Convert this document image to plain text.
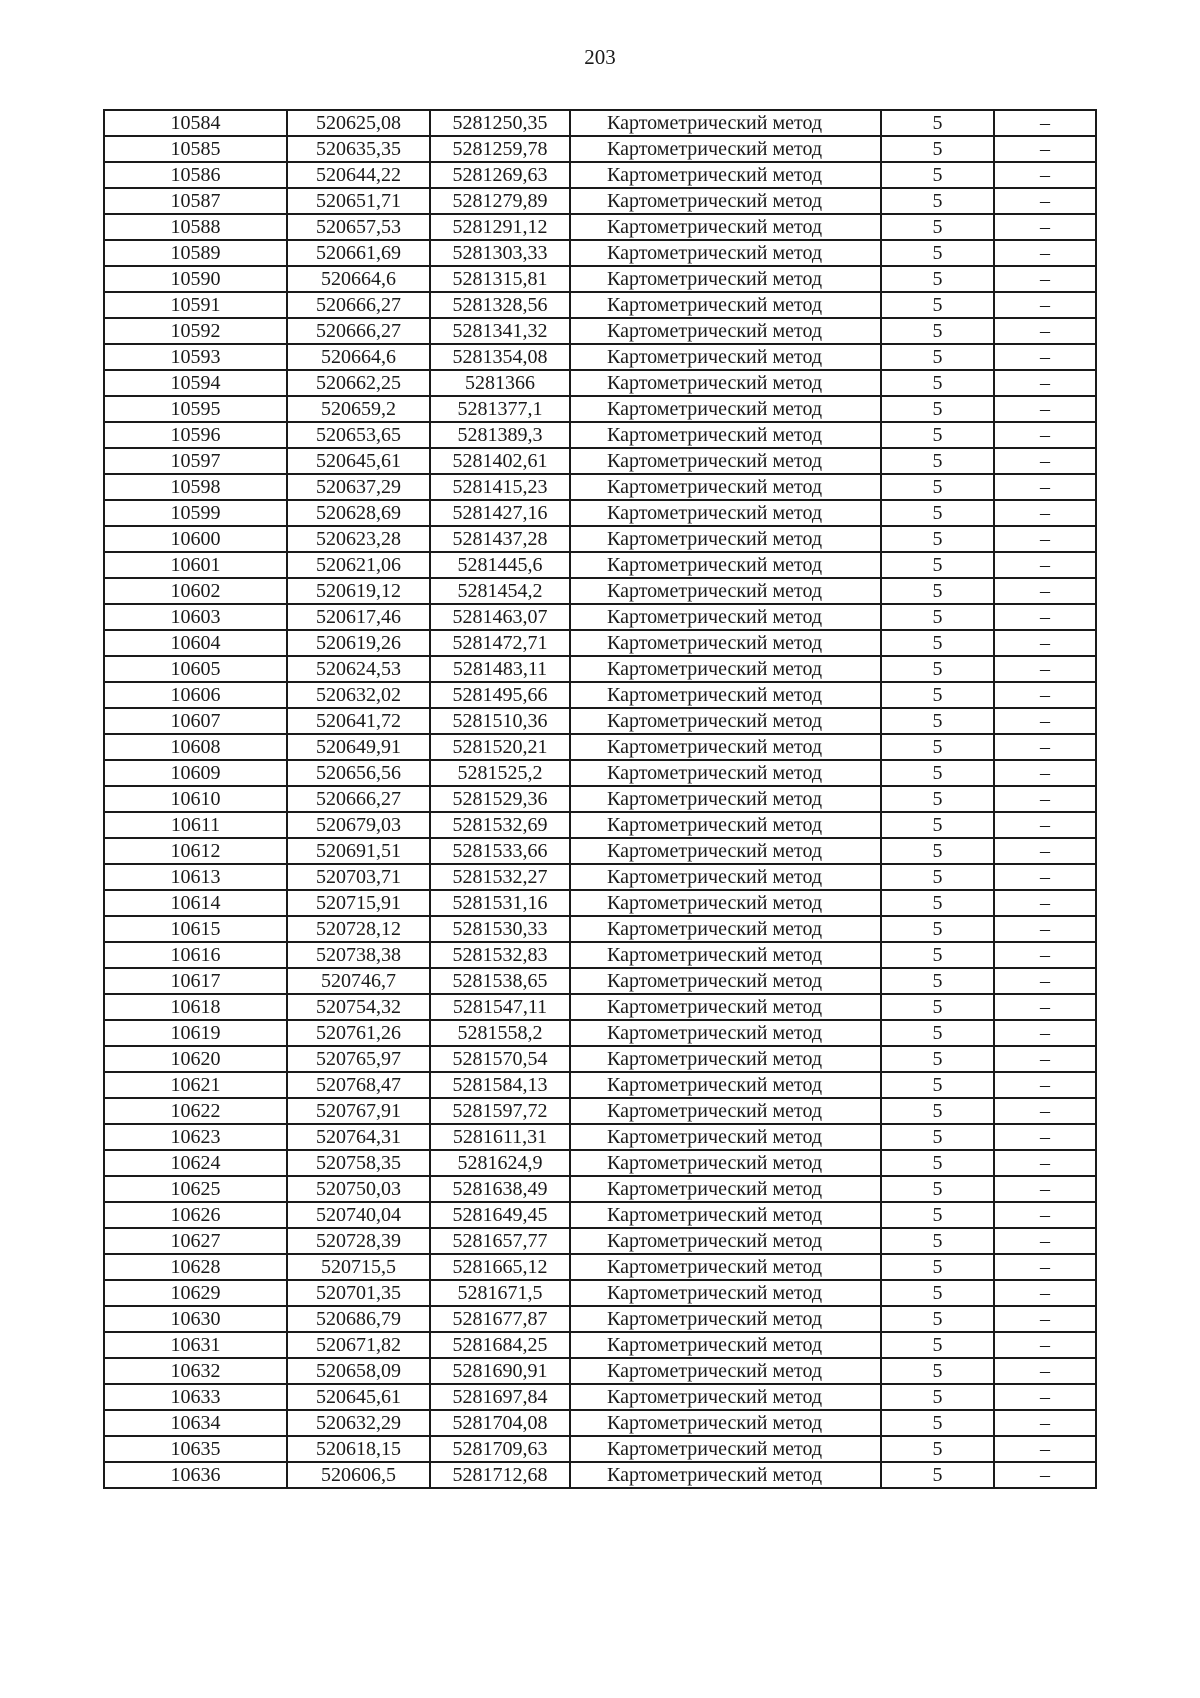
203
10584	520625,08	5281250,35	Картометрический метод	5	–
10585	520635,35	5281259,78	Картометрический метод	5	–
10586	520644,22	5281269,63	Картометрический метод	5	–
10587	520651,71	5281279,89	Картометрический метод	5	–
10588	520657,53	5281291,12	Картометрический метод	5	–
10589	520661,69	5281303,33	Картометрический метод	5	–
10590	520664,6	5281315,81	Картометрический метод	5	–
10591	520666,27	5281328,56	Картометрический метод	5	–
10592	520666,27	5281341,32	Картометрический метод	5	–
10593	520664,6	5281354,08	Картометрический метод	5	–
10594	520662,25	5281366	Картометрический метод	5	–
10595	520659,2	5281377,1	Картометрический метод	5	–
10596	520653,65	5281389,3	Картометрический метод	5	–
10597	520645,61	5281402,61	Картометрический метод	5	–
10598	520637,29	5281415,23	Картометрический метод	5	–
10599	520628,69	5281427,16	Картометрический метод	5	–
10600	520623,28	5281437,28	Картометрический метод	5	–
10601	520621,06	5281445,6	Картометрический метод	5	–
10602	520619,12	5281454,2	Картометрический метод	5	–
10603	520617,46	5281463,07	Картометрический метод	5	–
10604	520619,26	5281472,71	Картометрический метод	5	–
10605	520624,53	5281483,11	Картометрический метод	5	–
10606	520632,02	5281495,66	Картометрический метод	5	–
10607	520641,72	5281510,36	Картометрический метод	5	–
10608	520649,91	5281520,21	Картометрический метод	5	–
10609	520656,56	5281525,2	Картометрический метод	5	–
10610	520666,27	5281529,36	Картометрический метод	5	–
10611	520679,03	5281532,69	Картометрический метод	5	–
10612	520691,51	5281533,66	Картометрический метод	5	–
10613	520703,71	5281532,27	Картометрический метод	5	–
10614	520715,91	5281531,16	Картометрический метод	5	–
10615	520728,12	5281530,33	Картометрический метод	5	–
10616	520738,38	5281532,83	Картометрический метод	5	–
10617	520746,7	5281538,65	Картометрический метод	5	–
10618	520754,32	5281547,11	Картометрический метод	5	–
10619	520761,26	5281558,2	Картометрический метод	5	–
10620	520765,97	5281570,54	Картометрический метод	5	–
10621	520768,47	5281584,13	Картометрический метод	5	–
10622	520767,91	5281597,72	Картометрический метод	5	–
10623	520764,31	5281611,31	Картометрический метод	5	–
10624	520758,35	5281624,9	Картометрический метод	5	–
10625	520750,03	5281638,49	Картометрический метод	5	–
10626	520740,04	5281649,45	Картометрический метод	5	–
10627	520728,39	5281657,77	Картометрический метод	5	–
10628	520715,5	5281665,12	Картометрический метод	5	–
10629	520701,35	5281671,5	Картометрический метод	5	–
10630	520686,79	5281677,87	Картометрический метод	5	–
10631	520671,82	5281684,25	Картометрический метод	5	–
10632	520658,09	5281690,91	Картометрический метод	5	–
10633	520645,61	5281697,84	Картометрический метод	5	–
10634	520632,29	5281704,08	Картометрический метод	5	–
10635	520618,15	5281709,63	Картометрический метод	5	–
10636	520606,5	5281712,68	Картометрический метод	5	–
